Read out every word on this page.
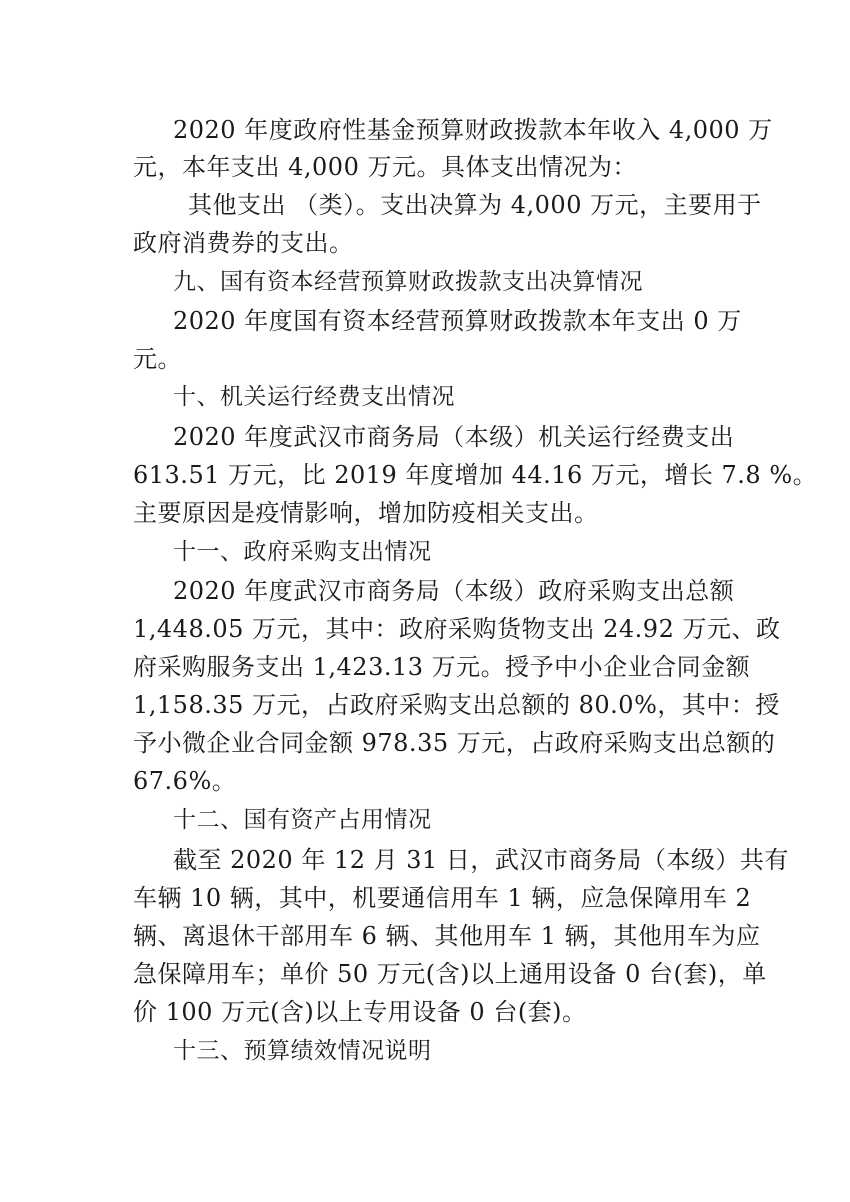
2020 年度政府性基金预算财政拨款本年收入 4,000 万
元，本年支出 4,000 万元。具体支出情况为：
其他支出 （类）。支出决算为 4,000 万元，主要用于
政府消费券的支出。
九、国有资本经营预算财政拨款支出决算情况
2020 年度国有资本经营预算财政拨款本年支出 0 万
元。
十、机关运行经费支出情况
2020 年度武汉市商务局（本级）机关运行经费支出
613.51 万元，比 2019 年度增加 44.16 万元，增长 7.8 %。
主要原因是疫情影响，增加防疫相关支出。
十一、政府采购支出情况
2020 年度武汉市商务局（本级）政府采购支出总额
1,448.05 万元，其中：政府采购货物支出 24.92 万元、政
府采购服务支出 1,423.13 万元。授予中小企业合同金额
1,158.35 万元，占政府采购支出总额的 80.0%，其中：授
予小微企业合同金额 978.35 万元，占政府采购支出总额的
67.6%。
十二、国有资产占用情况
截至 2020 年 12 月 31 日，武汉市商务局（本级）共有
车辆 10 辆，其中，机要通信用车 1 辆，应急保障用车 2
辆、离退休干部用车 6 辆、其他用车 1 辆，其他用车为应
急保障用车；单价 50 万元(含)以上通用设备 0 台(套)，单
价 100 万元(含)以上专用设备 0 台(套)。
十三、预算绩效情况说明
